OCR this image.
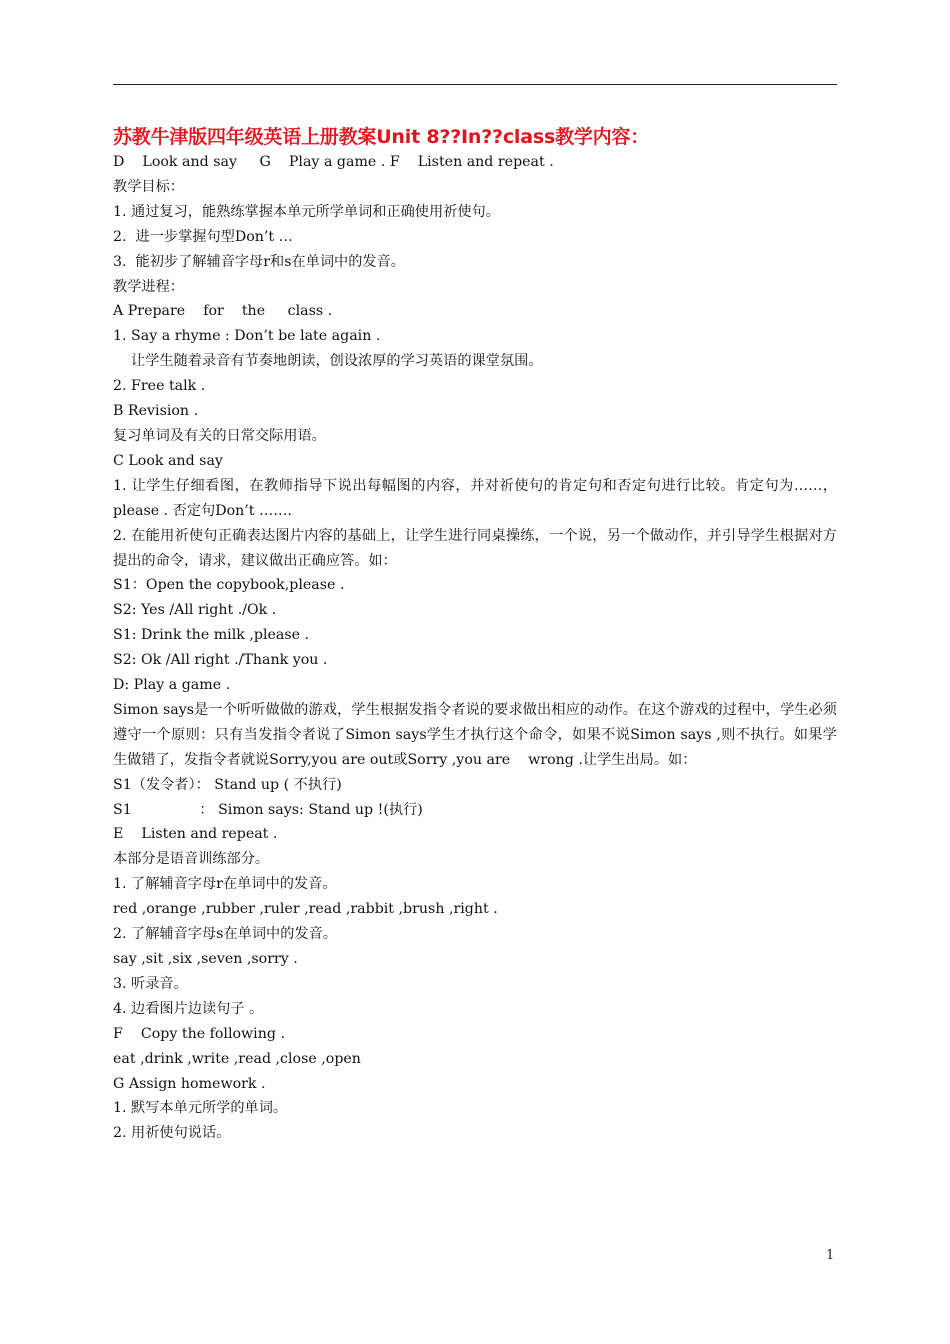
苏教牛津版四年级英语上册教案Unit 8??In??class教学内容：
D    Look and say     G    Play a game . F    Listen and repeat .
教学目标：
1. 通过复习，能熟练掌握本单元所学单词和正确使用祈使句。
2.  进一步掌握句型Don’t …
3.  能初步了解辅音字母r和s在单词中的发音。
教学进程：
A Prepare    for    the     class .
1. Say a rhyme : Don’t be late again .
让学生随着录音有节奏地朗读，创设浓厚的学习英语的课堂氛围。
2. Free talk .
B Revision .
复习单词及有关的日常交际用语。
C Look and say
1. 让学生仔细看图，在教师指导下说出每幅图的内容，并对祈使句的肯定句和否定句进行比较。肯定句为……， please . 否定句Don’t …….
2. 在能用祈使句正确表达图片内容的基础上，让学生进行同桌操练，一个说，另一个做动作，并引导学生根据对方提出的命令，请求，建议做出正确应答。如：
S1：Open the copybook,please .
S2: Yes /All right ./Ok .
S1: Drink the milk ,please .
S2: Ok /All right ./Thank you .
D: Play a game .
Simon says是一个听听做做的游戏，学生根据发指令者说的要求做出相应的动作。在这个游戏的过程中，学生必须遵守一个原则：只有当发指令者说了Simon says学生才执行这个命令，如果不说Simon says ,则不执行。如果学生做错了，发指令者就说Sorry,you are out或Sorry ,you are    wrong .让学生出局。如：
S1（发令者）： Stand up ( 不执行)
S1               ： Simon says: Stand up !(执行)
E    Listen and repeat .
本部分是语音训练部分。
1. 了解辅音字母r在单词中的发音。
red ,orange ,rubber ,ruler ,read ,rabbit ,brush ,right .
2. 了解辅音字母s在单词中的发音。
say ,sit ,six ,seven ,sorry .
3. 听录音。
4. 边看图片边读句子 。
F    Copy the following .
eat ,drink ,write ,read ,close ,open
G Assign homework .
1. 默写本单元所学的单词。
2. 用祈使句说话。
1
